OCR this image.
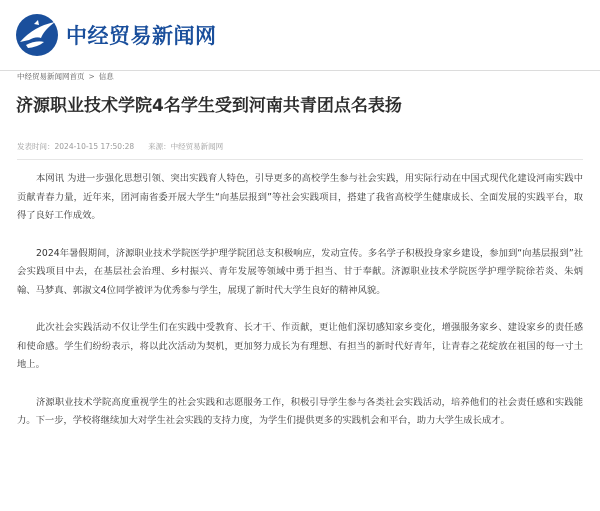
中经贸易新闻网
中经贸易新闻网首页 > 信息
济源职业技术学院4名学生受到河南共青团点名表扬
发表时间：2024-10-15 17:50:28 来源：中经贸易新闻网

本网讯 为进一步强化思想引领、突出实践育人特色，引导更多的高校学生参与社会实践，用实际行动在中国式现代化建设河南实践中贡献青春力量，近年来，团河南省委开展大学生“向基层报到”等社会实践项目，搭建了我省高校学生健康成长、全面发展的实践平台，取得了良好工作成效。

2024年暑假期间，济源职业技术学院医学护理学院团总支积极响应，发动宣传。多名学子积极投身家乡建设，参加到“向基层报到”社会实践项目中去，在基层社会治理、乡村振兴、青年发展等领域中勇于担当、甘于奉献。济源职业技术学院医学护理学院徐若炎、朱炳翰、马梦真、郭淑文4位同学被评为优秀参与学生，展现了新时代大学生良好的精神风貌。

此次社会实践活动不仅让学生们在实践中受教育、长才干、作贡献，更让他们深切感知家乡变化，增强服务家乡、建设家乡的责任感和使命感。学生们纷纷表示，将以此次活动为契机，更加努力成长为有理想、有担当的新时代好青年，让青春之花绽放在祖国的每一寸土地上。

济源职业技术学院高度重视学生的社会实践和志愿服务工作，积极引导学生参与各类社会实践活动，培养他们的社会责任感和实践能力。下一步，学校将继续加大对学生社会实践的支持力度，为学生们提供更多的实践机会和平台，助力大学生成长成才。
